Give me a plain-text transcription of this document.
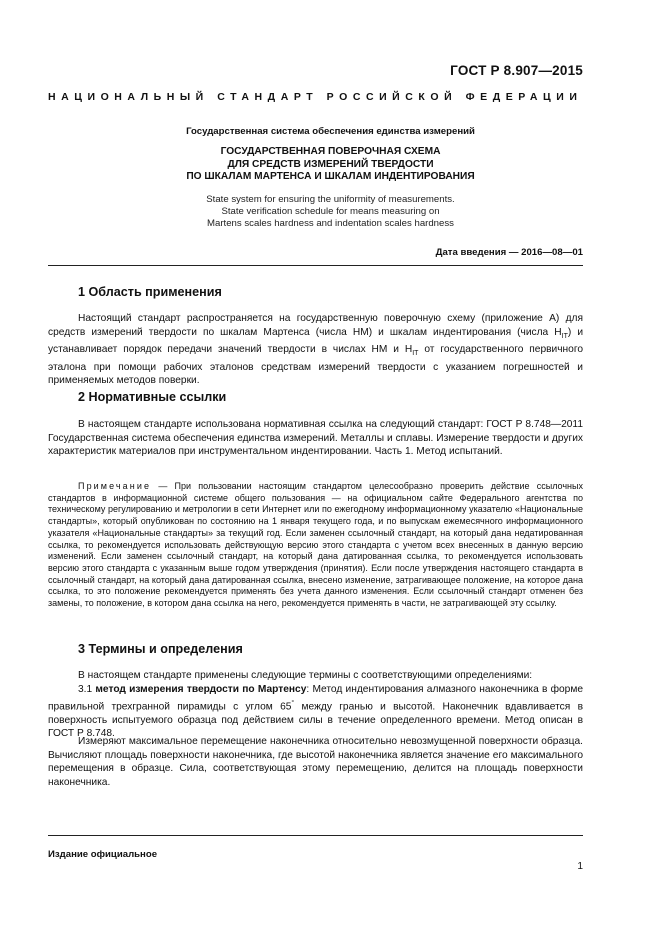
ГОСТ Р 8.907—2015
НАЦИОНАЛЬНЫЙ СТАНДАРТ РОССИЙСКОЙ ФЕДЕРАЦИИ
Государственная система обеспечения единства измерений
ГОСУДАРСТВЕННАЯ ПОВЕРОЧНАЯ СХЕМА
ДЛЯ СРЕДСТВ ИЗМЕРЕНИЙ ТВЕРДОСТИ
ПО ШКАЛАМ МАРТЕНСА И ШКАЛАМ ИНДЕНТИРОВАНИЯ
State system for ensuring the uniformity of measurements.
State verification schedule for means measuring on
Martens scales hardness and indentation scales hardness
Дата введения — 2016—08—01
1 Область применения

Настоящий стандарт распространяется на государственную поверочную схему (приложение А) для средств измерений твердости по шкалам Мартенса (числа НМ) и шкалам индентирования (числа $H_{IT}$) и устанавливает порядок передачи значений твердости в числах НМ и $H_{IT}$ от государственного первичного эталона при помощи рабочих эталонов средствам измерений твердости с указанием погрешностей и применяемых методов поверки.

2 Нормативные ссылки

В настоящем стандарте использована нормативная ссылка на следующий стандарт: ГОСТ Р 8.748—2011 Государственная система обеспечения единства измерений. Металлы и сплавы. Измерение твердости и других характеристик материалов при инструментальном индентировании. Часть 1. Метод испытаний.

Примечание — При пользовании настоящим стандартом целесообразно проверить действие ссылочных стандартов в информационной системе общего пользования — на официальном сайте Федерального агентства по техническому регулированию и метрологии в сети Интернет или по ежегодному информационному указателю «Национальные стандарты», который опубликован по состоянию на 1 января текущего года, и по выпускам ежемесячного информационного указателя «Национальные стандарты» за текущий год. Если заменен ссылочный стандарт, на который дана недатированная ссылка, то рекомендуется использовать действующую версию этого стандарта с учетом всех внесенных в данную версию изменений. Если заменен ссылочный стандарт, на который дана датированная ссылка, то рекомендуется использовать версию этого стандарта с указанным выше годом утверждения (принятия). Если после утверждения настоящего стандарта в ссылочный стандарт, на который дана датированная ссылка, внесено изменение, затрагивающее положение, на которое дана ссылка, то это положение рекомендуется применять без учета данного изменения. Если ссылочный стандарт отменен без замены, то положение, в котором дана ссылка на него, рекомендуется применять в части, не затрагивающей эту ссылку.

3 Термины и определения

В настоящем стандарте применены следующие термины с соответствующими определениями:

3.1 метод измерения твердости по Мартенсу: Метод индентирования алмазного наконечника в форме правильной трехгранной пирамиды с углом 65° между гранью и высотой. Наконечник вдавливается в поверхность испытуемого образца под действием силы в течение определенного времени. Метод описан в ГОСТ Р 8.748.

Измеряют максимальное перемещение наконечника относительно невозмущенной поверхности образца. Вычисляют площадь поверхности наконечника, где высотой наконечника является значение его максимального перемещения в образце. Сила, соответствующая этому перемещению, делится на площадь поверхности наконечника.

Издание официальное
1
